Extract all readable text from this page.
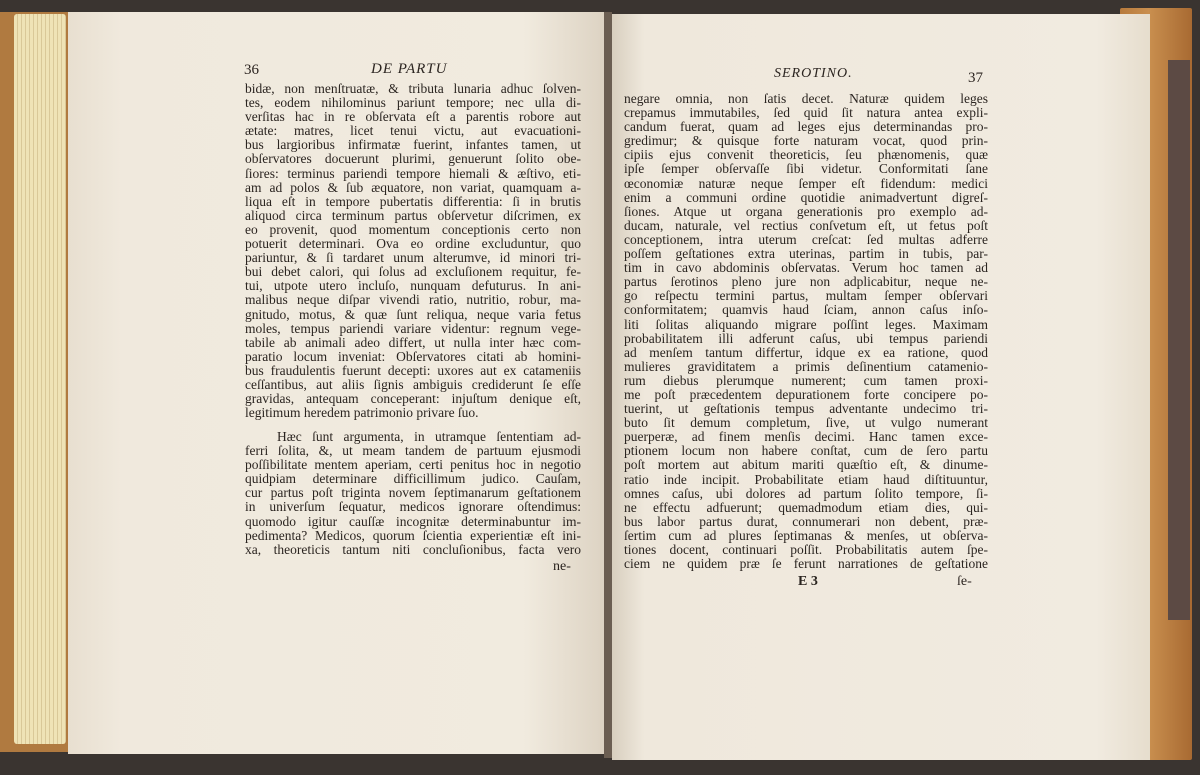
36	DE PARTU
bidæ, non menſtruatæ, & tributa lunaria adhuc ſolven-
tes, eodem nihilominus pariunt tempore; nec ulla di-
verſitas hac in re obſervata eſt a parentis robore aut
ætate: matres, licet tenui victu, aut evacuationi-
bus largioribus infirmatæ fuerint, infantes tamen, ut
obſervatores docuerunt plurimi, genuerunt ſolito obe-
ſiores: terminus pariendi tempore hiemali & æſtivo, eti-
am ad polos & ſub æquatore, non variat, quamquam a-
liqua eſt in tempore pubertatis differentia: ſi in brutis
aliquod circa terminum partus obſervetur diſcrimen, ex
eo provenit, quod momentum conceptionis certo non
potuerit determinari. Ova eo ordine excluduntur, quo
pariuntur, & ſi tardaret unum alterumve, id minori tri-
bui debet calori, qui ſolus ad excluſionem requitur, fe-
tui, utpote utero incluſo, nunquam defuturus. In ani-
malibus neque diſpar vivendi ratio, nutritio, robur, ma-
gnitudo, motus, & quæ ſunt reliqua, neque varia fetus
moles, tempus pariendi variare videntur: regnum vege-
tabile ab animali adeo differt, ut nulla inter hæc com-
paratio locum inveniat: Obſervatores citati ab homini-
bus fraudulentis fuerunt decepti: uxores aut ex catameniis
ceſſantibus, aut aliis ſignis ambiguis crediderunt ſe eſſe
gravidas, antequam conceperant: injuſtum denique eſt,
legitimum heredem patrimonio privare ſuo.
Hæc ſunt argumenta, in utramque ſententiam ad-
ferri ſolita, &, ut meam tandem de partuum ejusmodi
poſſibilitate mentem aperiam, certi penitus hoc in negotio
quidpiam determinare difficillimum judico. Cauſam,
cur partus poſt triginta novem ſeptimanarum geſtationem
in univerſum ſequatur, medicos ignorare oſtendimus:
quomodo igitur cauſſæ incognitæ determinabuntur im-
pedimenta? Medicos, quorum ſcientia experientiæ eſt ini-
xa, theoreticis tantum niti concluſionibus, facta vero
ne-
SEROTINO.	37
negare omnia, non ſatis decet. Naturæ quidem leges
crepamus immutabiles, ſed quid ſit natura antea expli-
candum fuerat, quam ad leges ejus determinandas pro-
gredimur; & quisque forte naturam vocat, quod prin-
cipiis ejus convenit theoreticis, ſeu phænomenis, quæ
ipſe ſemper obſervaſſe ſibi videtur. Conformitati ſane
œconomiæ naturæ neque ſemper eſt fidendum: medici
enim a communi ordine quotidie animadvertunt digreſ-
ſiones. Atque ut organa generationis pro exemplo ad-
ducam, naturale, vel rectius conſvetum eſt, ut fetus poſt
conceptionem, intra uterum creſcat: ſed multas adferre
poſſem geſtationes extra uterinas, partim in tubis, par-
tim in cavo abdominis obſervatas. Verum hoc tamen ad
partus ſerotinos pleno jure non adplicabitur, neque ne-
go reſpectu termini partus, multam ſemper obſervari
conformitatem; quamvis haud ſciam, annon caſus inſo-
liti ſolitas aliquando migrare poſſint leges. Maximam
probabilitatem illi adferunt caſus, ubi tempus pariendi
ad menſem tantum differtur, idque ex ea ratione, quod
mulieres graviditatem a primis deſinentium catamenio-
rum diebus plerumque numerent; cum tamen proxi-
me poſt præcedentem depurationem forte concipere po-
tuerint, ut geſtationis tempus adventante undecimo tri-
buto ſit demum completum, ſive, ut vulgo numerant
puerperæ, ad finem menſis decimi. Hanc tamen exce-
ptionem locum non habere conſtat, cum de ſero partu
poſt mortem aut abitum mariti quæſtio eſt, & dinume-
ratio inde incipit. Probabilitate etiam haud diſtituuntur,
omnes caſus, ubi dolores ad partum ſolito tempore, ſi-
ne effectu adfuerunt; quemadmodum etiam dies, qui-
bus labor partus durat, connumerari non debent, præ-
ſertim cum ad plures ſeptimanas & menſes, ut obſerva-
tiones docent, continuari poſſit. Probabilitatis autem ſpe-
ciem ne quidem præ ſe ferunt narrationes de geſtatione
E 3	ſe-
